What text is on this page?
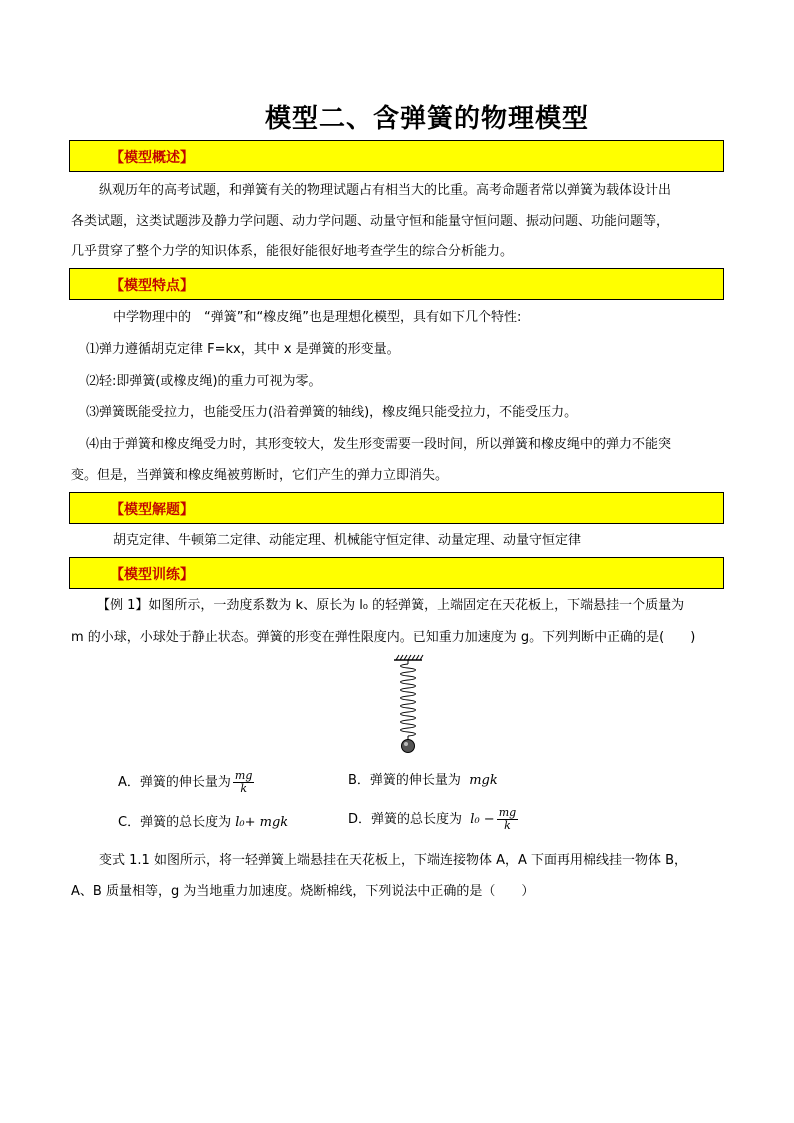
模型二、含弹簧的物理模型
【模型概述】
纵观历年的高考试题，和弹簧有关的物理试题占有相当大的比重。高考命题者常以弹簧为载体设计出
各类试题，这类试题涉及静力学问题、动力学问题、动量守恒和能量守恒问题、振动问题、功能问题等，
几乎贯穿了整个力学的知识体系，能很好能很好地考查学生的综合分析能力。
【模型特点】
中学物理中的　“弹簧”和“橡皮绳”也是理想化模型，具有如下几个特性:
⑴弹力遵循胡克定律 F=kx，其中 x 是弹簧的形变量。
⑵轻:即弹簧(或橡皮绳)的重力可视为零。
⑶弹簧既能受拉力，也能受压力(沿着弹簧的轴线)，橡皮绳只能受拉力，不能受压力。
⑷由于弹簧和橡皮绳受力时，其形变较大，发生形变需要一段时间，所以弹簧和橡皮绳中的弹力不能突
变。但是，当弹簧和橡皮绳被剪断时，它们产生的弹力立即消失。
【模型解题】
胡克定律、牛顿第二定律、动能定理、机械能守恒定律、动量定理、动量守恒定律
【模型训练】
【例 1】如图所示，一劲度系数为 k、原长为 l₀ 的轻弹簧，上端固定在天花板上，下端悬挂一个质量为
m 的小球，小球处于静止状态。弹簧的形变在弹性限度内。已知重力加速度为 g。下列判断中正确的是(　　)
A．弹簧的伸长量为 $\frac{mg}{k}$	B．弹簧的伸长量为 mgk
C．弹簧的总长度为 l₀+ mgk	D．弹簧的总长度为 $l_0 - \frac{mg}{k}$
变式 1.1 如图所示，将一轻弹簧上端悬挂在天花板上，下端连接物体 A，A 下面再用棉线挂一物体 B，
A、B 质量相等，g 为当地重力加速度。烧断棉线，下列说法中正确的是（　　）
